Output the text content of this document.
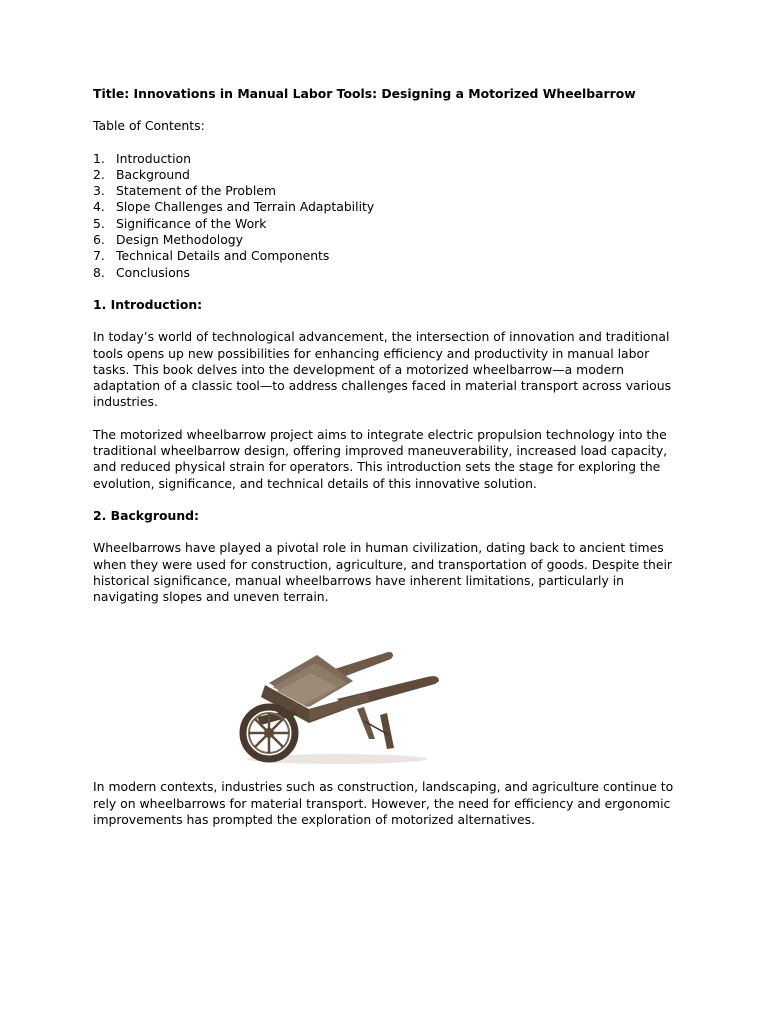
Title: Innovations in Manual Labor Tools: Designing a Motorized Wheelbarrow
Table of Contents:
1. Introduction
2. Background
3. Statement of the Problem
4. Slope Challenges and Terrain Adaptability
5. Significance of the Work
6. Design Methodology
7. Technical Details and Components
8. Conclusions
1. Introduction:

In today’s world of technological advancement, the intersection of innovation and traditional tools opens up new possibilities for enhancing efficiency and productivity in manual labor tasks. This book delves into the development of a motorized wheelbarrow—a modern adaptation of a classic tool—to address challenges faced in material transport across various industries.

The motorized wheelbarrow project aims to integrate electric propulsion technology into the traditional wheelbarrow design, offering improved maneuverability, increased load capacity, and reduced physical strain for operators. This introduction sets the stage for exploring the evolution, significance, and technical details of this innovative solution.

2. Background:

Wheelbarrows have played a pivotal role in human civilization, dating back to ancient times when they were used for construction, agriculture, and transportation of goods. Despite their historical significance, manual wheelbarrows have inherent limitations, particularly in navigating slopes and uneven terrain.

In modern contexts, industries such as construction, landscaping, and agriculture continue to rely on wheelbarrows for material transport. However, the need for efficiency and ergonomic improvements has prompted the exploration of motorized alternatives.
